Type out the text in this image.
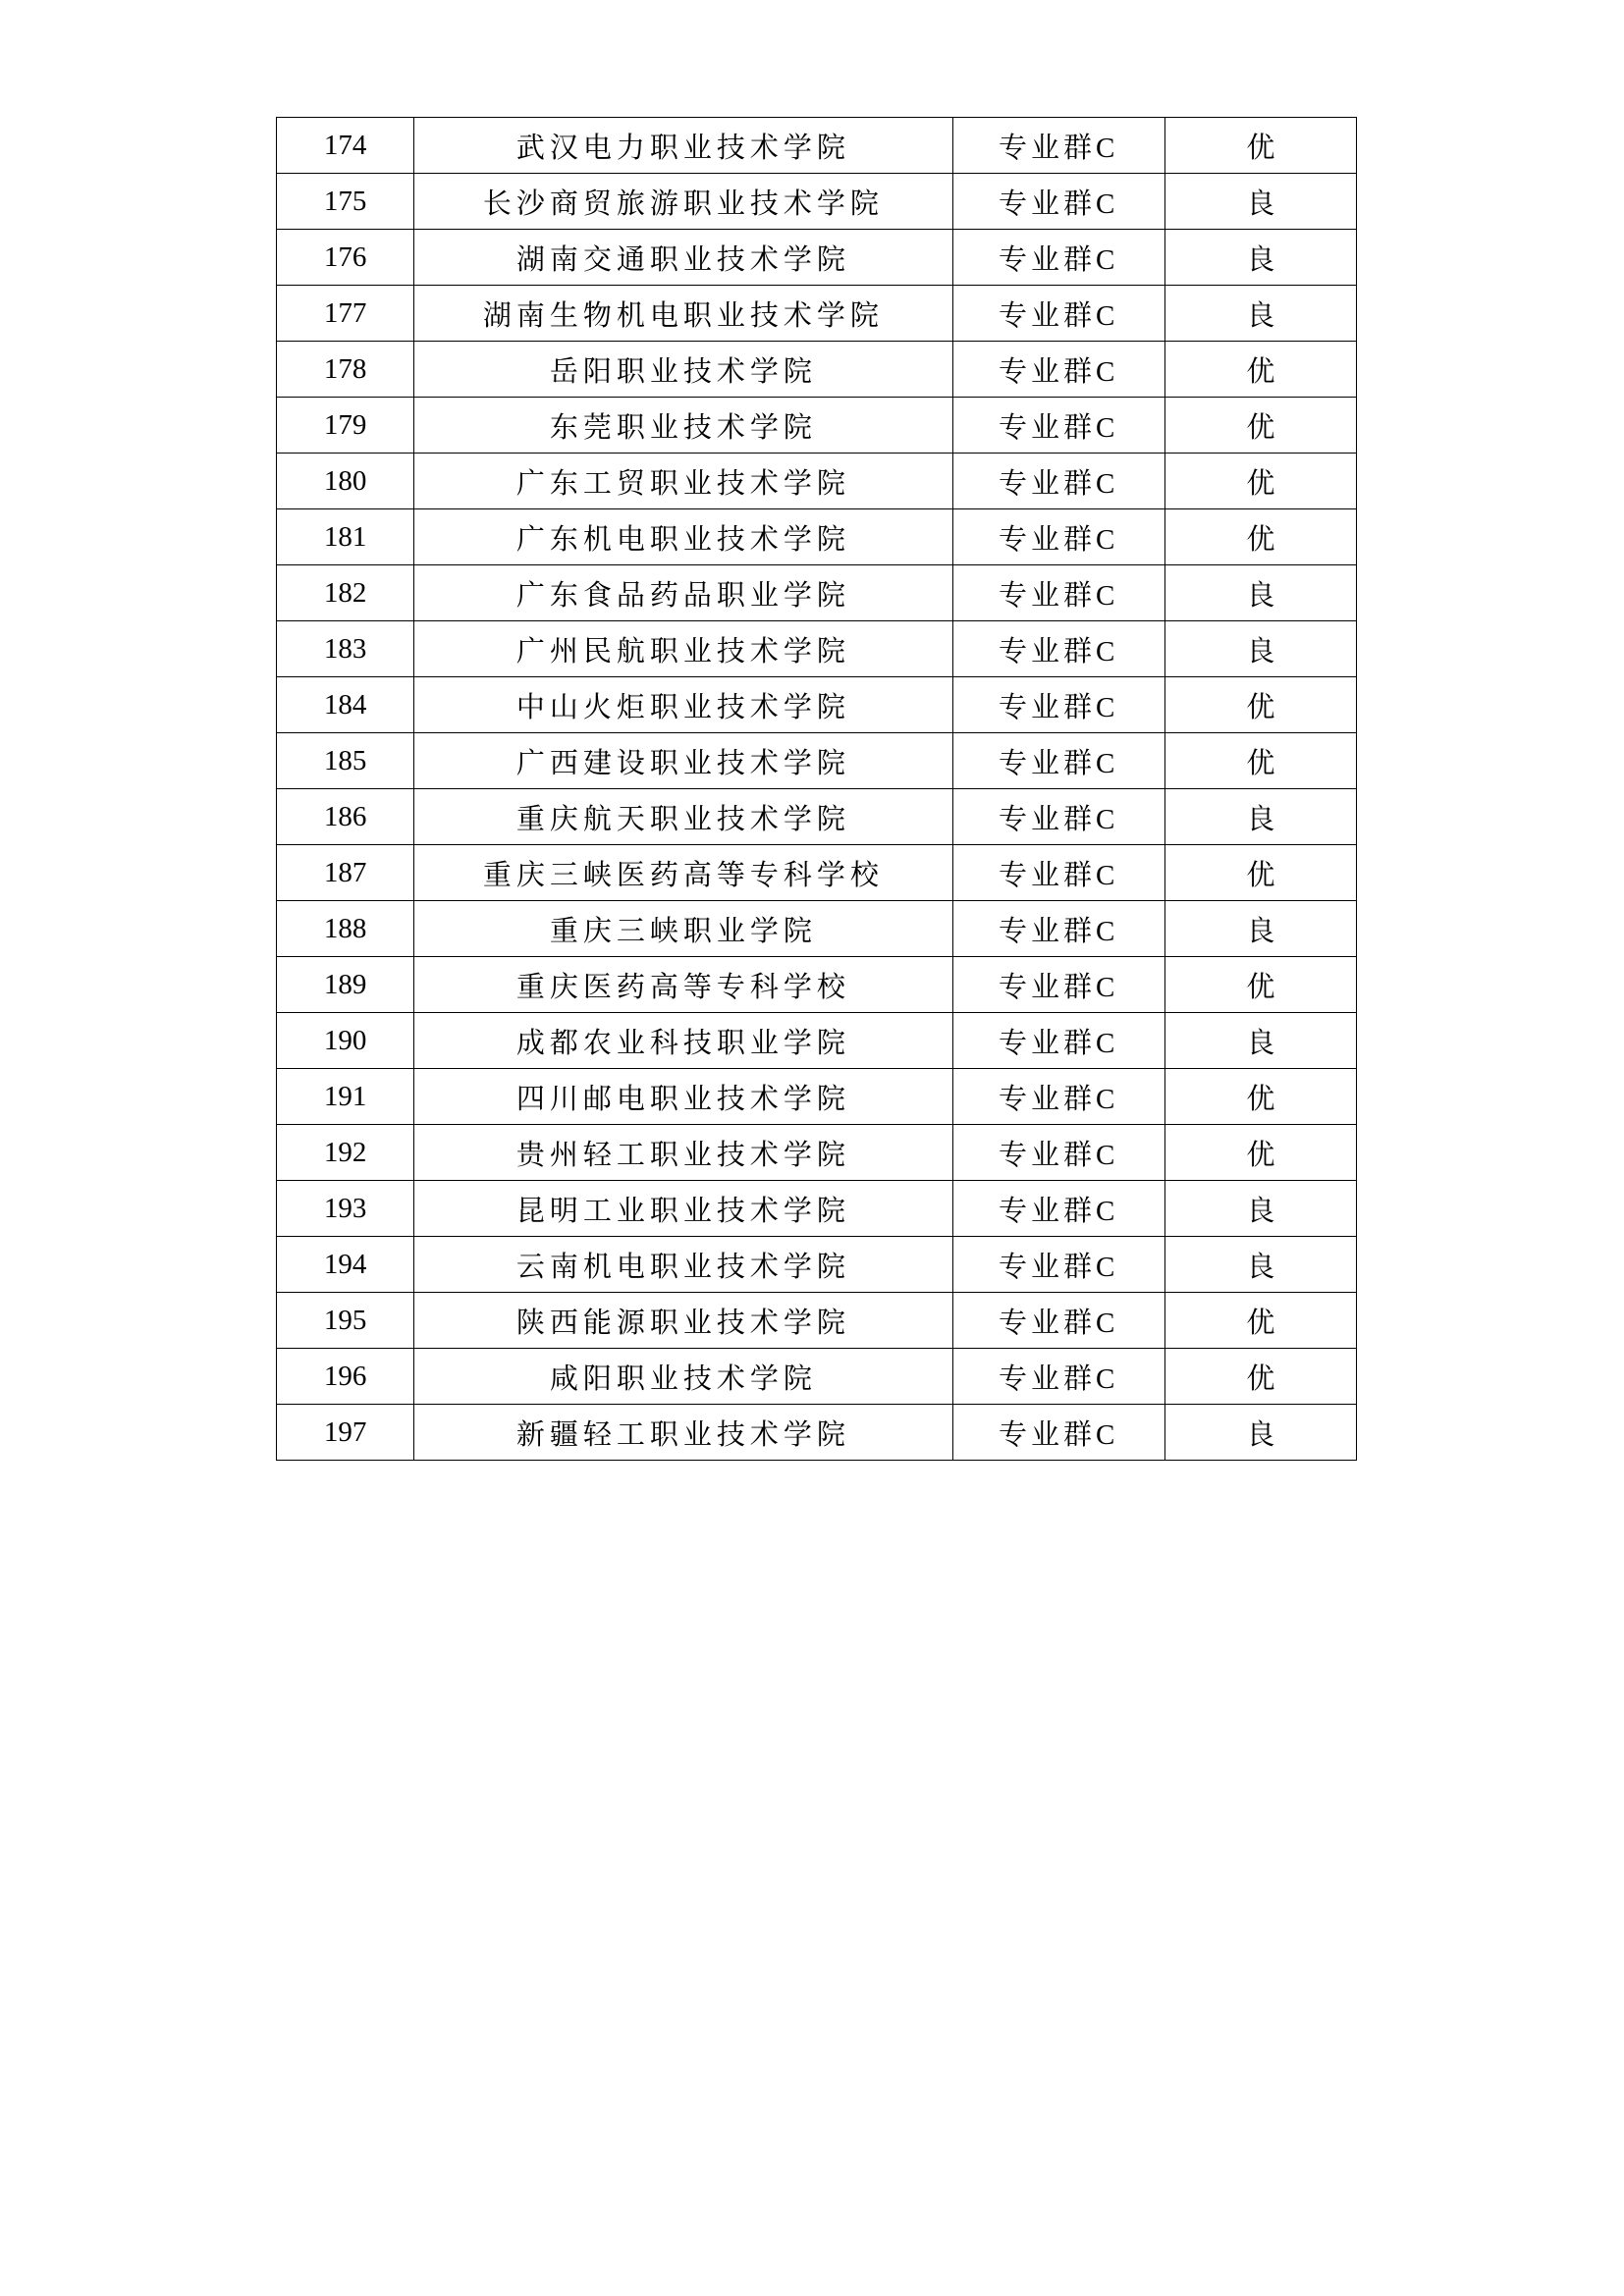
174	武汉电力职业技术学院	专业群C	优
175	长沙商贸旅游职业技术学院	专业群C	良
176	湖南交通职业技术学院	专业群C	良
177	湖南生物机电职业技术学院	专业群C	良
178	岳阳职业技术学院	专业群C	优
179	东莞职业技术学院	专业群C	优
180	广东工贸职业技术学院	专业群C	优
181	广东机电职业技术学院	专业群C	优
182	广东食品药品职业学院	专业群C	良
183	广州民航职业技术学院	专业群C	良
184	中山火炬职业技术学院	专业群C	优
185	广西建设职业技术学院	专业群C	优
186	重庆航天职业技术学院	专业群C	良
187	重庆三峡医药高等专科学校	专业群C	优
188	重庆三峡职业学院	专业群C	良
189	重庆医药高等专科学校	专业群C	优
190	成都农业科技职业学院	专业群C	良
191	四川邮电职业技术学院	专业群C	优
192	贵州轻工职业技术学院	专业群C	优
193	昆明工业职业技术学院	专业群C	良
194	云南机电职业技术学院	专业群C	良
195	陕西能源职业技术学院	专业群C	优
196	咸阳职业技术学院	专业群C	优
197	新疆轻工职业技术学院	专业群C	良
